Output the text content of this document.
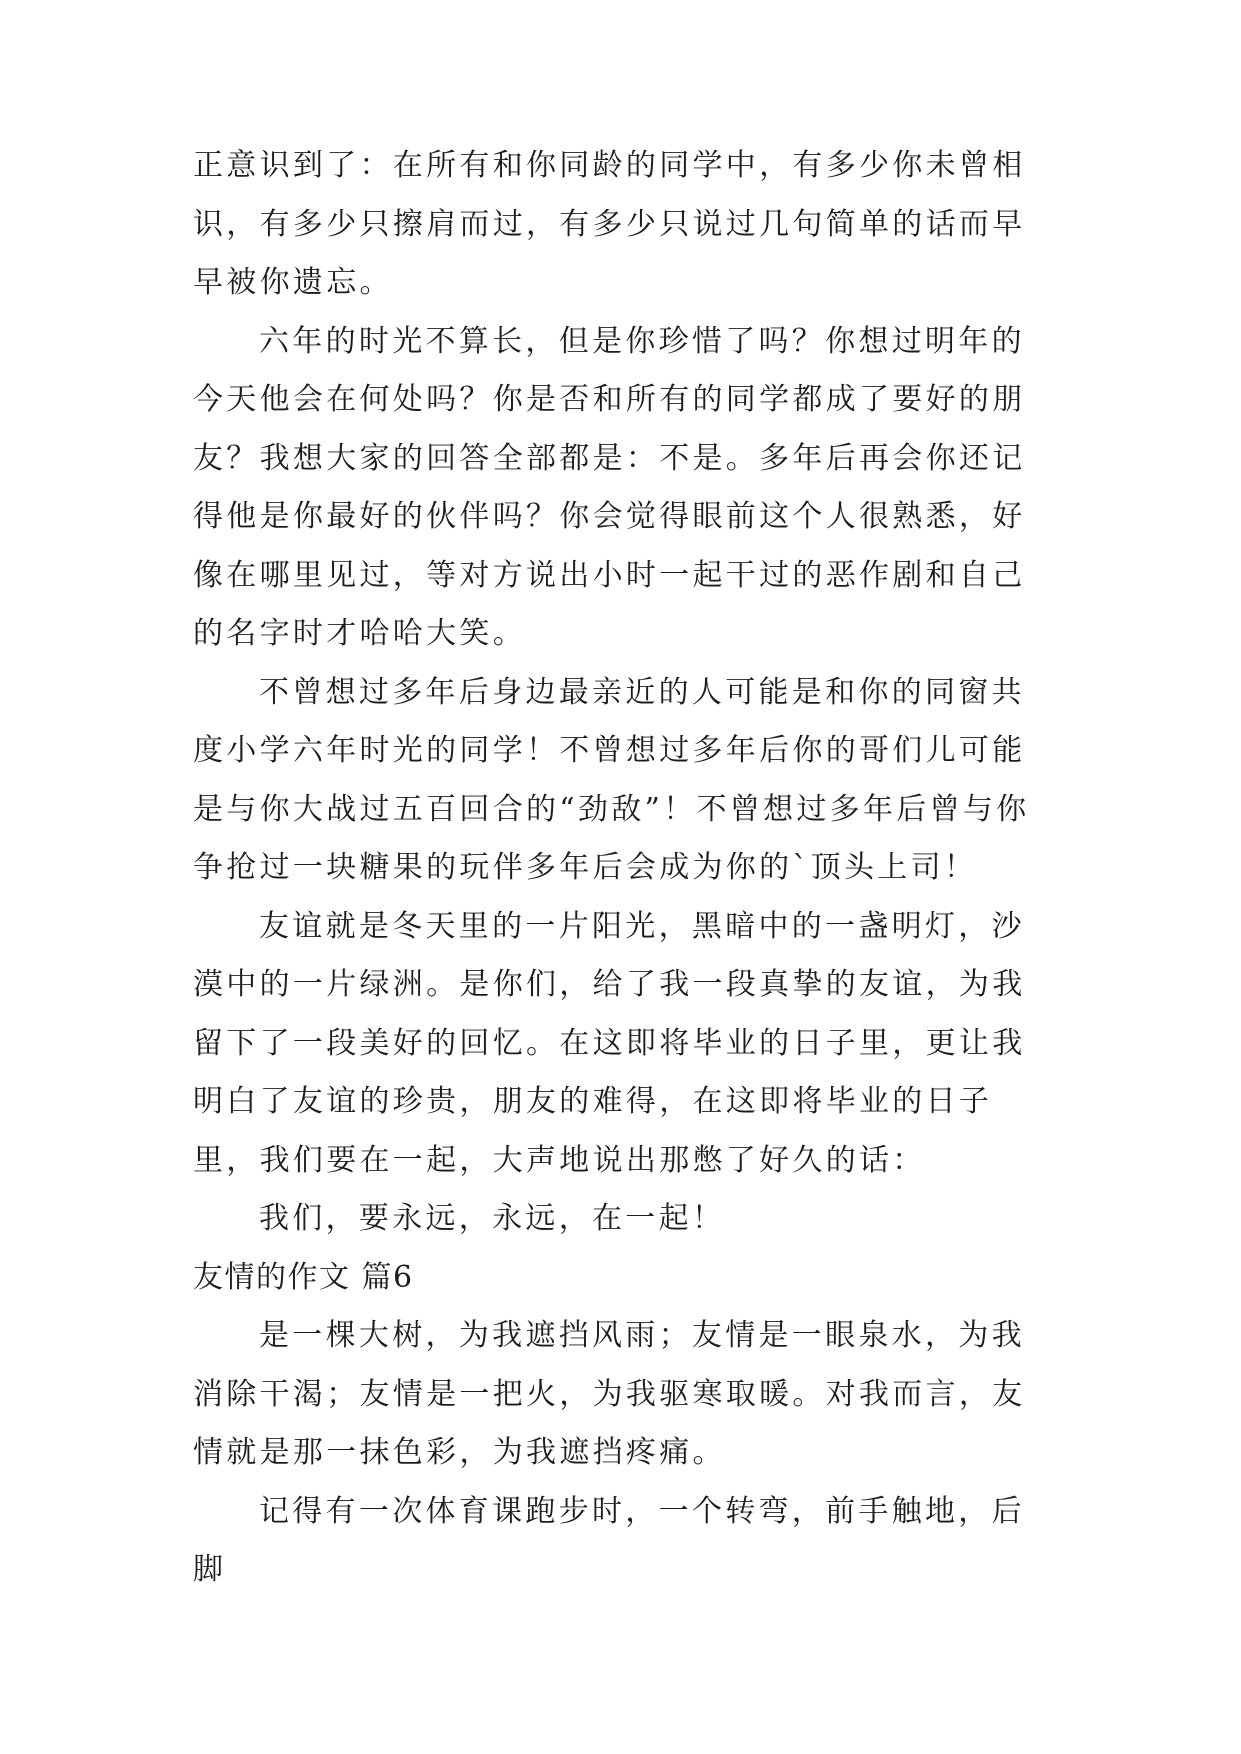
正意识到了：在所有和你同龄的同学中，有多少你未曾相识，有多少只擦肩而过，有多少只说过几句简单的话而早早被你遗忘。

六年的时光不算长，但是你珍惜了吗？你想过明年的今天他会在何处吗？你是否和所有的同学都成了要好的朋友？我想大家的回答全部都是：不是。多年后再会你还记得他是你最好的伙伴吗？你会觉得眼前这个人很熟悉，好像在哪里见过，等对方说出小时一起干过的恶作剧和自己的名字时才哈哈大笑。

不曾想过多年后身边最亲近的人可能是和你的同窗共度小学六年时光的同学！不曾想过多年后你的哥们儿可能是与你大战过五百回合的“劲敌”！不曾想过多年后曾与你争抢过一块糖果的玩伴多年后会成为你的`顶头上司！

友谊就是冬天里的一片阳光，黑暗中的一盏明灯，沙漠中的一片绿洲。是你们，给了我一段真挚的友谊，为我留下了一段美好的回忆。在这即将毕业的日子里，更让我明白了友谊的珍贵，朋友的难得，在这即将毕业的日子里，我们要在一起，大声地说出那憋了好久的话：

我们，要永远，永远，在一起！

友情的作文 篇6

是一棵大树，为我遮挡风雨；友情是一眼泉水，为我消除干渴；友情是一把火，为我驱寒取暖。对我而言，友情就是那一抹色彩，为我遮挡疼痛。

记得有一次体育课跑步时，一个转弯，前手触地，后脚
